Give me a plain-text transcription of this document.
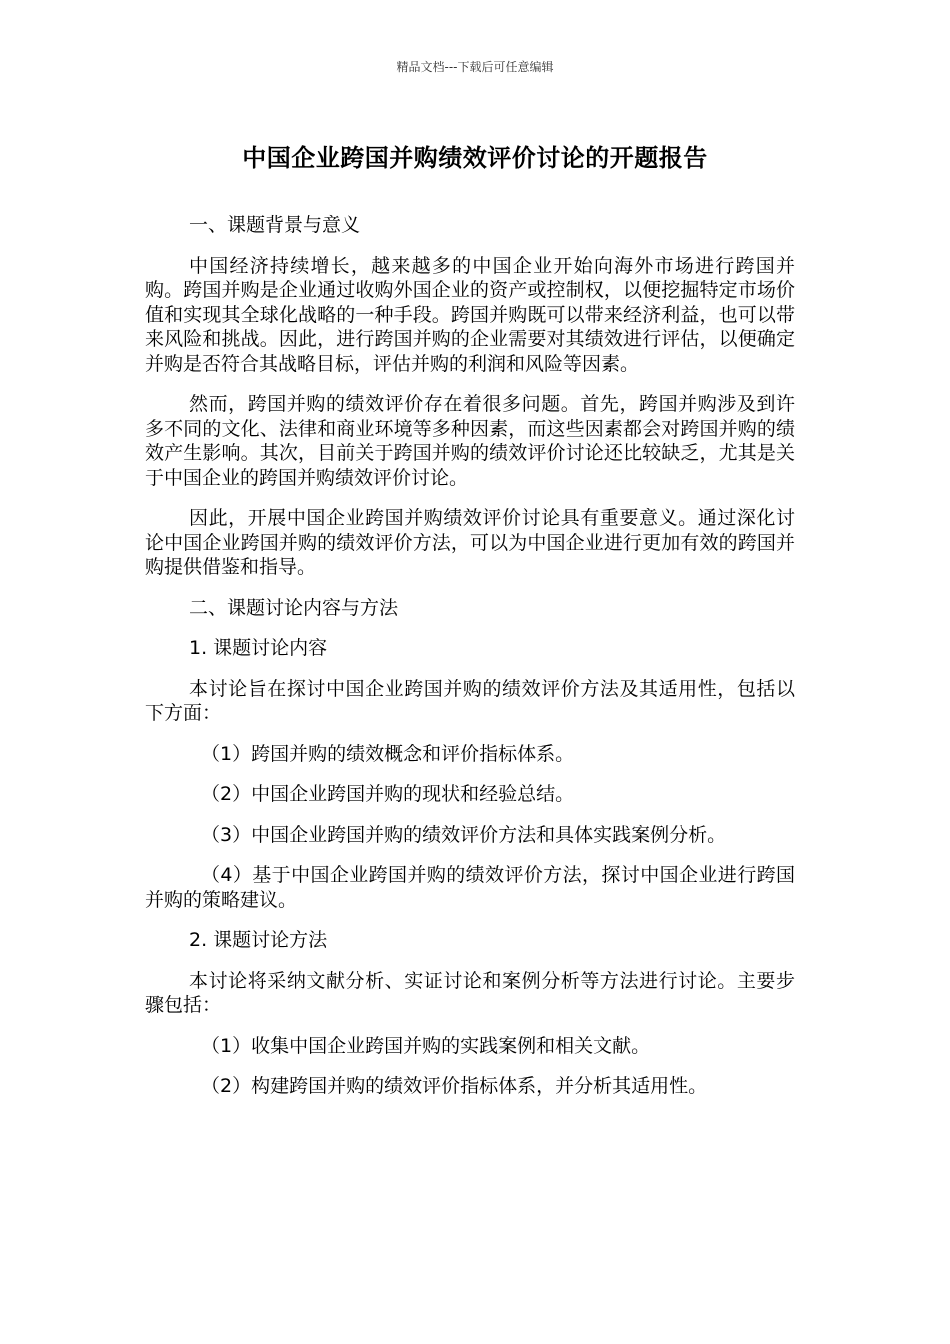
精品文档---下载后可任意编辑
中国企业跨国并购绩效评价讨论的开题报告

一、课题背景与意义

中国经济持续增长，越来越多的中国企业开始向海外市场进行跨国并购。跨国并购是企业通过收购外国企业的资产或控制权，以便挖掘特定市场价值和实现其全球化战略的一种手段。跨国并购既可以带来经济利益，也可以带来风险和挑战。因此，进行跨国并购的企业需要对其绩效进行评估，以便确定并购是否符合其战略目标，评估并购的利润和风险等因素。

然而，跨国并购的绩效评价存在着很多问题。首先，跨国并购涉及到许多不同的文化、法律和商业环境等多种因素，而这些因素都会对跨国并购的绩效产生影响。其次，目前关于跨国并购的绩效评价讨论还比较缺乏，尤其是关于中国企业的跨国并购绩效评价讨论。

因此，开展中国企业跨国并购绩效评价讨论具有重要意义。通过深化讨论中国企业跨国并购的绩效评价方法，可以为中国企业进行更加有效的跨国并购提供借鉴和指导。

二、课题讨论内容与方法

1. 课题讨论内容

本讨论旨在探讨中国企业跨国并购的绩效评价方法及其适用性，包括以下方面：

（1）跨国并购的绩效概念和评价指标体系。

（2）中国企业跨国并购的现状和经验总结。

（3）中国企业跨国并购的绩效评价方法和具体实践案例分析。

（4）基于中国企业跨国并购的绩效评价方法，探讨中国企业进行跨国并购的策略建议。

2. 课题讨论方法

本讨论将采纳文献分析、实证讨论和案例分析等方法进行讨论。主要步骤包括：

（1）收集中国企业跨国并购的实践案例和相关文献。

（2）构建跨国并购的绩效评价指标体系，并分析其适用性。
